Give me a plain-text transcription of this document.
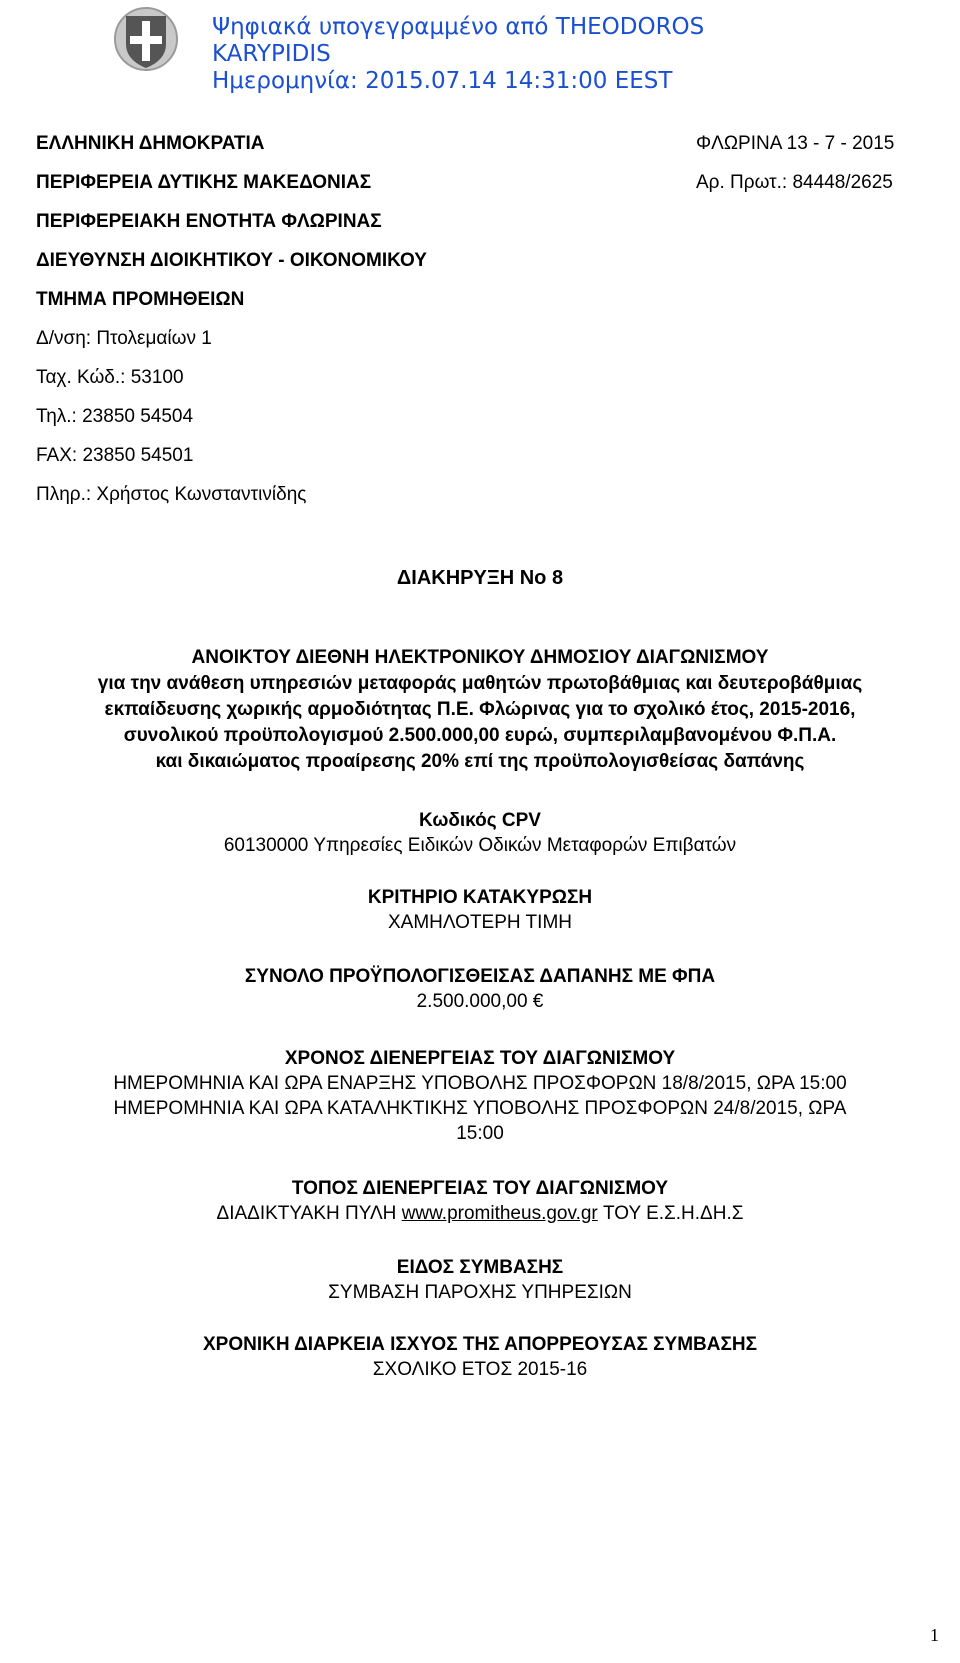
Ψηφιακά υπογεγραμμένο από THEODOROS KARYPIDIS
Ημερομηνία: 2015.07.14 14:31:00 EEST
ΕΛΛΗΝΙΚΗ ΔΗΜΟΚΡΑΤΙΑ	ΦΛΩΡΙΝΑ 13 - 7 - 2015
ΠΕΡΙΦΕΡΕΙΑ ΔΥΤΙΚΗΣ ΜΑΚΕΔΟΝΙΑΣ	Αρ. Πρωτ.: 84448/2625
ΠΕΡΙΦΕΡΕΙΑΚΗ ΕΝΟΤΗΤΑ ΦΛΩΡΙΝΑΣ
ΔΙΕΥΘΥΝΣΗ ΔΙΟΙΚΗΤΙΚΟΥ - ΟΙΚΟΝΟΜΙΚΟΥ
ΤΜΗΜΑ ΠΡΟΜΗΘΕΙΩΝ
Δ/νση: Πτολεμαίων 1
Ταχ. Κώδ.: 53100
Τηλ.: 23850 54504
FAX: 23850 54501
Πληρ.: Χρήστος Κωνσταντινίδης
ΔΙΑΚΗΡΥΞΗ Νο 8
ΑΝΟΙΚΤΟΥ ΔΙΕΘΝΗ ΗΛΕΚΤΡΟΝΙΚΟΥ ΔΗΜΟΣΙΟΥ ΔΙΑΓΩΝΙΣΜΟΥ
για την ανάθεση υπηρεσιών μεταφοράς μαθητών πρωτοβάθμιας και δευτεροβάθμιας
εκπαίδευσης χωρικής αρμοδιότητας Π.Ε. Φλώρινας για το σχολικό έτος, 2015-2016,
συνολικού προϋπολογισμού 2.500.000,00 ευρώ, συμπεριλαμβανομένου Φ.Π.Α.
και δικαιώματος προαίρεσης 20% επί της προϋπολογισθείσας δαπάνης
Κωδικός CPV
60130000 Υπηρεσίες Ειδικών Οδικών Μεταφορών Επιβατών
ΚΡΙΤΗΡΙΟ ΚΑΤΑΚΥΡΩΣΗ
ΧΑΜΗΛΟΤΕΡΗ ΤΙΜΗ
ΣΥΝΟΛΟ ΠΡΟΫΠΟΛΟΓΙΣΘΕΙΣΑΣ ΔΑΠΑΝΗΣ ΜΕ ΦΠΑ
2.500.000,00 €
ΧΡΟΝΟΣ ΔΙΕΝΕΡΓΕΙΑΣ ΤΟΥ ΔΙΑΓΩΝΙΣΜΟΥ
ΗΜΕΡΟΜΗΝΙΑ ΚΑΙ ΩΡΑ ΕΝΑΡΞΗΣ ΥΠΟΒΟΛΗΣ ΠΡΟΣΦΟΡΩΝ 18/8/2015, ΩΡΑ 15:00
ΗΜΕΡΟΜΗΝΙΑ ΚΑΙ ΩΡΑ ΚΑΤΑΛΗΚΤΙΚΗΣ ΥΠΟΒΟΛΗΣ ΠΡΟΣΦΟΡΩΝ 24/8/2015, ΩΡΑ
15:00
ΤΟΠΟΣ ΔΙΕΝΕΡΓΕΙΑΣ ΤΟΥ ΔΙΑΓΩΝΙΣΜΟΥ
ΔΙΑΔΙΚΤΥΑΚΗ ΠΥΛΗ www.promitheus.gov.gr ΤΟΥ Ε.Σ.Η.ΔΗ.Σ
ΕΙΔΟΣ ΣΥΜΒΑΣΗΣ
ΣΥΜΒΑΣΗ ΠΑΡΟΧΗΣ ΥΠΗΡΕΣΙΩΝ
ΧΡΟΝΙΚΗ ΔΙΑΡΚΕΙΑ ΙΣΧΥΟΣ ΤΗΣ ΑΠΟΡΡΕΟΥΣΑΣ ΣΥΜΒΑΣΗΣ
ΣΧΟΛΙΚΟ ΕΤΟΣ 2015-16
1
